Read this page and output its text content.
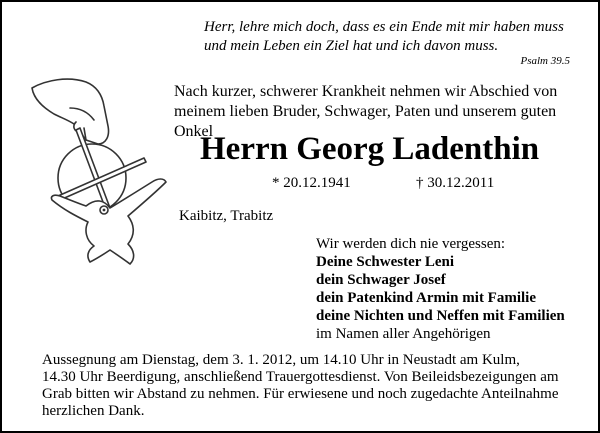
Herr, lehre mich doch, dass es ein Ende mit mir haben muss

und mein Leben ein Ziel hat und ich davon muss.

Psalm 39.5

Nach kurzer, schwerer Krankheit nehmen wir Abschied von

meinem lieben Bruder, Schwager, Paten und unserem guten Onkel

Herrn Georg Ladenthin
* 20.12.1941	† 30.12.2011
Kaibitz, Trabitz

Wir werden dich nie vergessen:

Deine Schwester Leni

dein Schwager Josef

dein Patenkind Armin mit Familie

deine Nichten und Neffen mit Familien

im Namen aller Angehörigen

Aussegnung am Dienstag, dem 3. 1. 2012, um 14.10 Uhr in Neustadt am Kulm,

14.30 Uhr Beerdigung, anschließend Trauergottesdienst. Von Beileidsbezeigungen am

Grab bitten wir Abstand zu nehmen. Für erwiesene und noch zugedachte Anteilnahme

herzlichen Dank.
